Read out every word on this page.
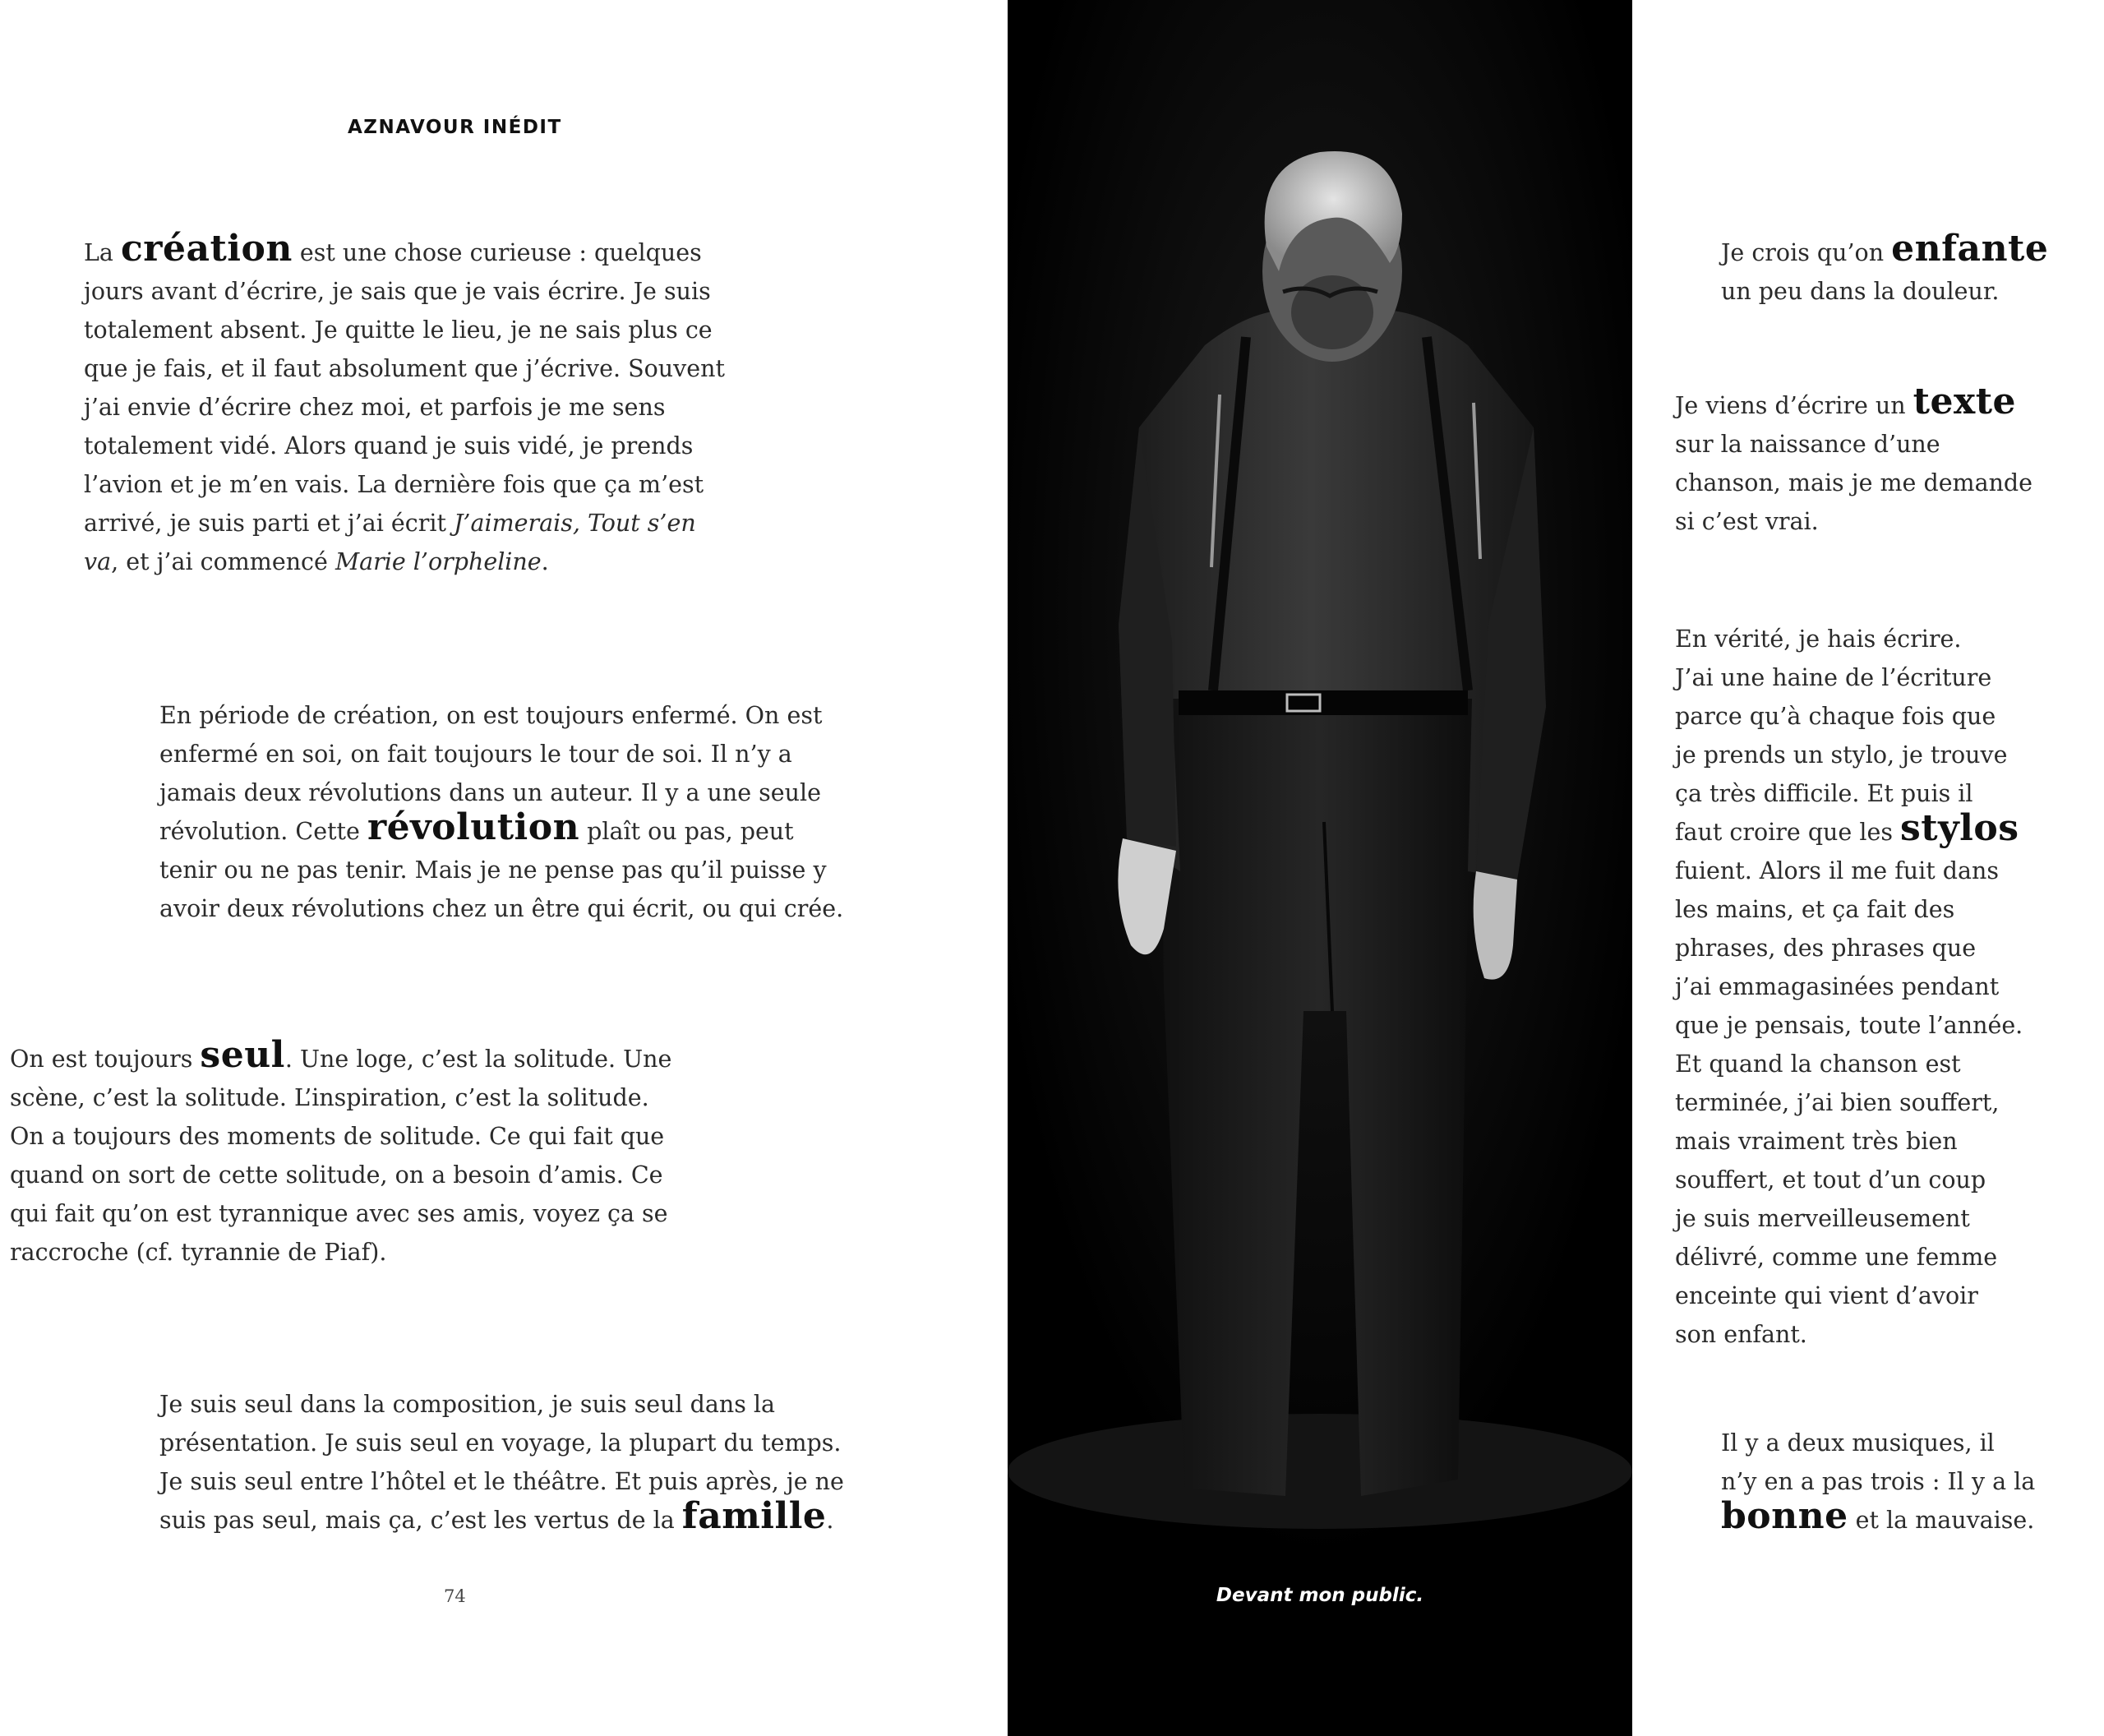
AZNAVOUR INÉDIT
La création est une chose curieuse : quelques
jours avant d’écrire, je sais que je vais écrire. Je suis
totalement absent. Je quitte le lieu, je ne sais plus ce
que je fais, et il faut absolument que j’écrive. Souvent
j’ai envie d’écrire chez moi, et parfois je me sens
totalement vidé. Alors quand je suis vidé, je prends
l’avion et je m’en vais. La dernière fois que ça m’est
arrivé, je suis parti et j’ai écrit J’aimerais, Tout s’en
va, et j’ai commencé Marie l’orpheline.
En période de création, on est toujours enfermé. On est
enfermé en soi, on fait toujours le tour de soi. Il n’y a
jamais deux révolutions dans un auteur. Il y a une seule
révolution. Cette révolution plaît ou pas, peut
tenir ou ne pas tenir. Mais je ne pense pas qu’il puisse y
avoir deux révolutions chez un être qui écrit, ou qui crée.
On est toujours seul. Une loge, c’est la solitude. Une
scène, c’est la solitude. L’inspiration, c’est la solitude.
On a toujours des moments de solitude. Ce qui fait que
quand on sort de cette solitude, on a besoin d’amis. Ce
qui fait qu’on est tyrannique avec ses amis, voyez ça se
raccroche (cf. tyrannie de Piaf).
Je suis seul dans la composition, je suis seul dans la
présentation. Je suis seul en voyage, la plupart du temps.
Je suis seul entre l’hôtel et le théâtre. Et puis après, je ne
suis pas seul, mais ça, c’est les vertus de la famille.
74	Devant mon public.
Je crois qu’on enfante
un peu dans la douleur.
Je viens d’écrire un texte
sur la naissance d’une
chanson, mais je me demande
si c’est vrai.
En vérité, je hais écrire.
J’ai une haine de l’écriture
parce qu’à chaque fois que
je prends un stylo, je trouve
ça très difficile. Et puis il
faut croire que les stylos
fuient. Alors il me fuit dans
les mains, et ça fait des
phrases, des phrases que
j’ai emmagasinées pendant
que je pensais, toute l’année.
Et quand la chanson est
terminée, j’ai bien souffert,
mais vraiment très bien
souffert, et tout d’un coup
je suis merveilleusement
délivré, comme une femme
enceinte qui vient d’avoir
son enfant.
Il y a deux musiques, il
n’y en a pas trois : Il y a la
bonne et la mauvaise.
